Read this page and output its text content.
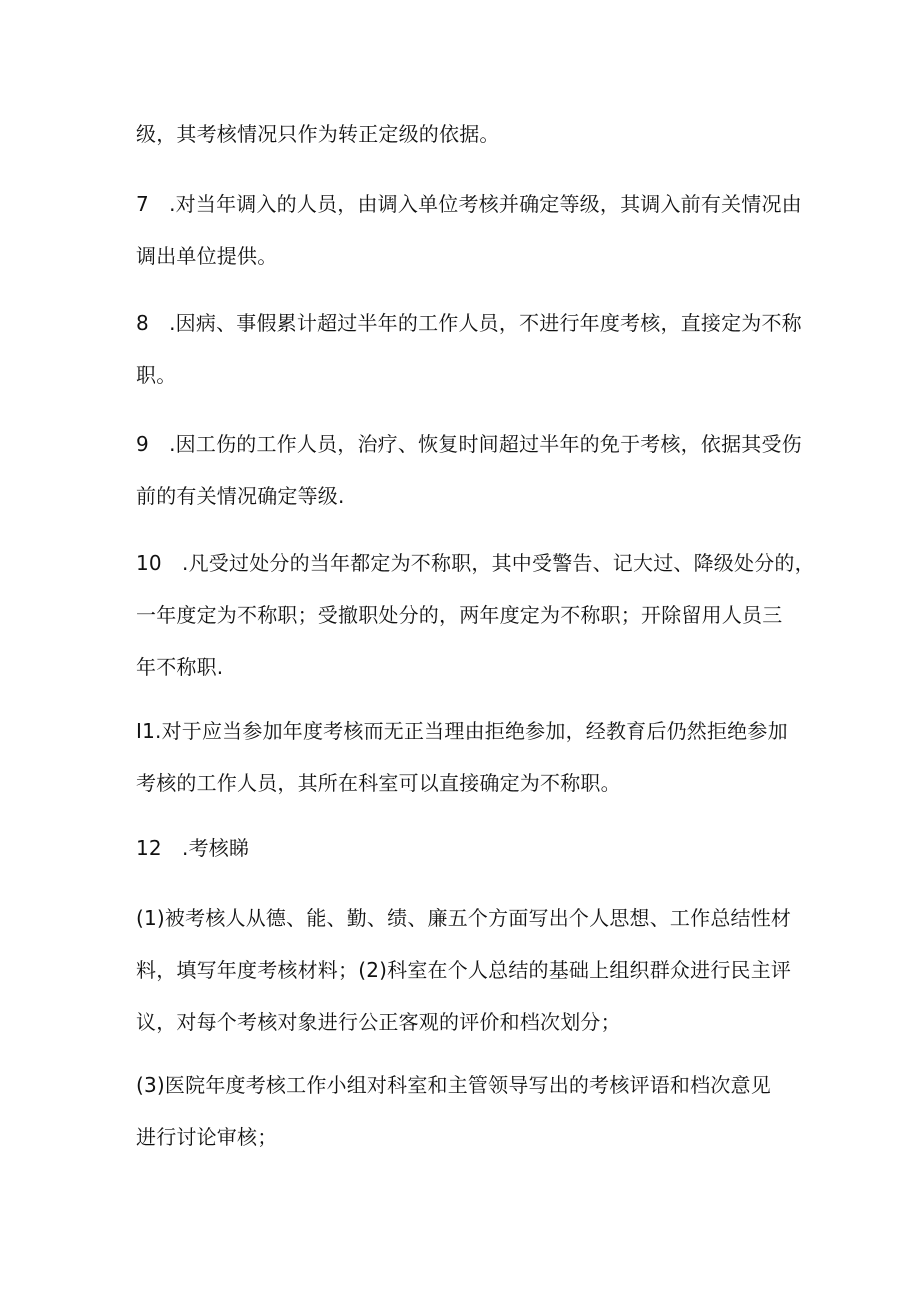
级，其考核情况只作为转正定级的依据。
7　.对当年调入的人员，由调入单位考核并确定等级，其调入前有关情况由
调出单位提供。
8　.因病、事假累计超过半年的工作人员，不进行年度考核，直接定为不称
职。
9　.因工伤的工作人员，治疗、恢复时间超过半年的免于考核，依据其受伤
前的有关情况确定等级.
10　.凡受过处分的当年都定为不称职，其中受警告、记大过、降级处分的，
一年度定为不称职；受撤职处分的，两年度定为不称职；开除留用人员三
年不称职.
I1.对于应当参加年度考核而无正当理由拒绝参加，经教育后仍然拒绝参加
考核的工作人员，其所在科室可以直接确定为不称职。
12　.考核睇
(1)被考核人从德、能、勤、绩、廉五个方面写出个人思想、工作总结性材
料，填写年度考核材料；(2)科室在个人总结的基础上组织群众进行民主评
议，对每个考核对象进行公正客观的评价和档次划分；
(3)医院年度考核工作小组对科室和主管领导写出的考核评语和档次意见
进行讨论审核；
